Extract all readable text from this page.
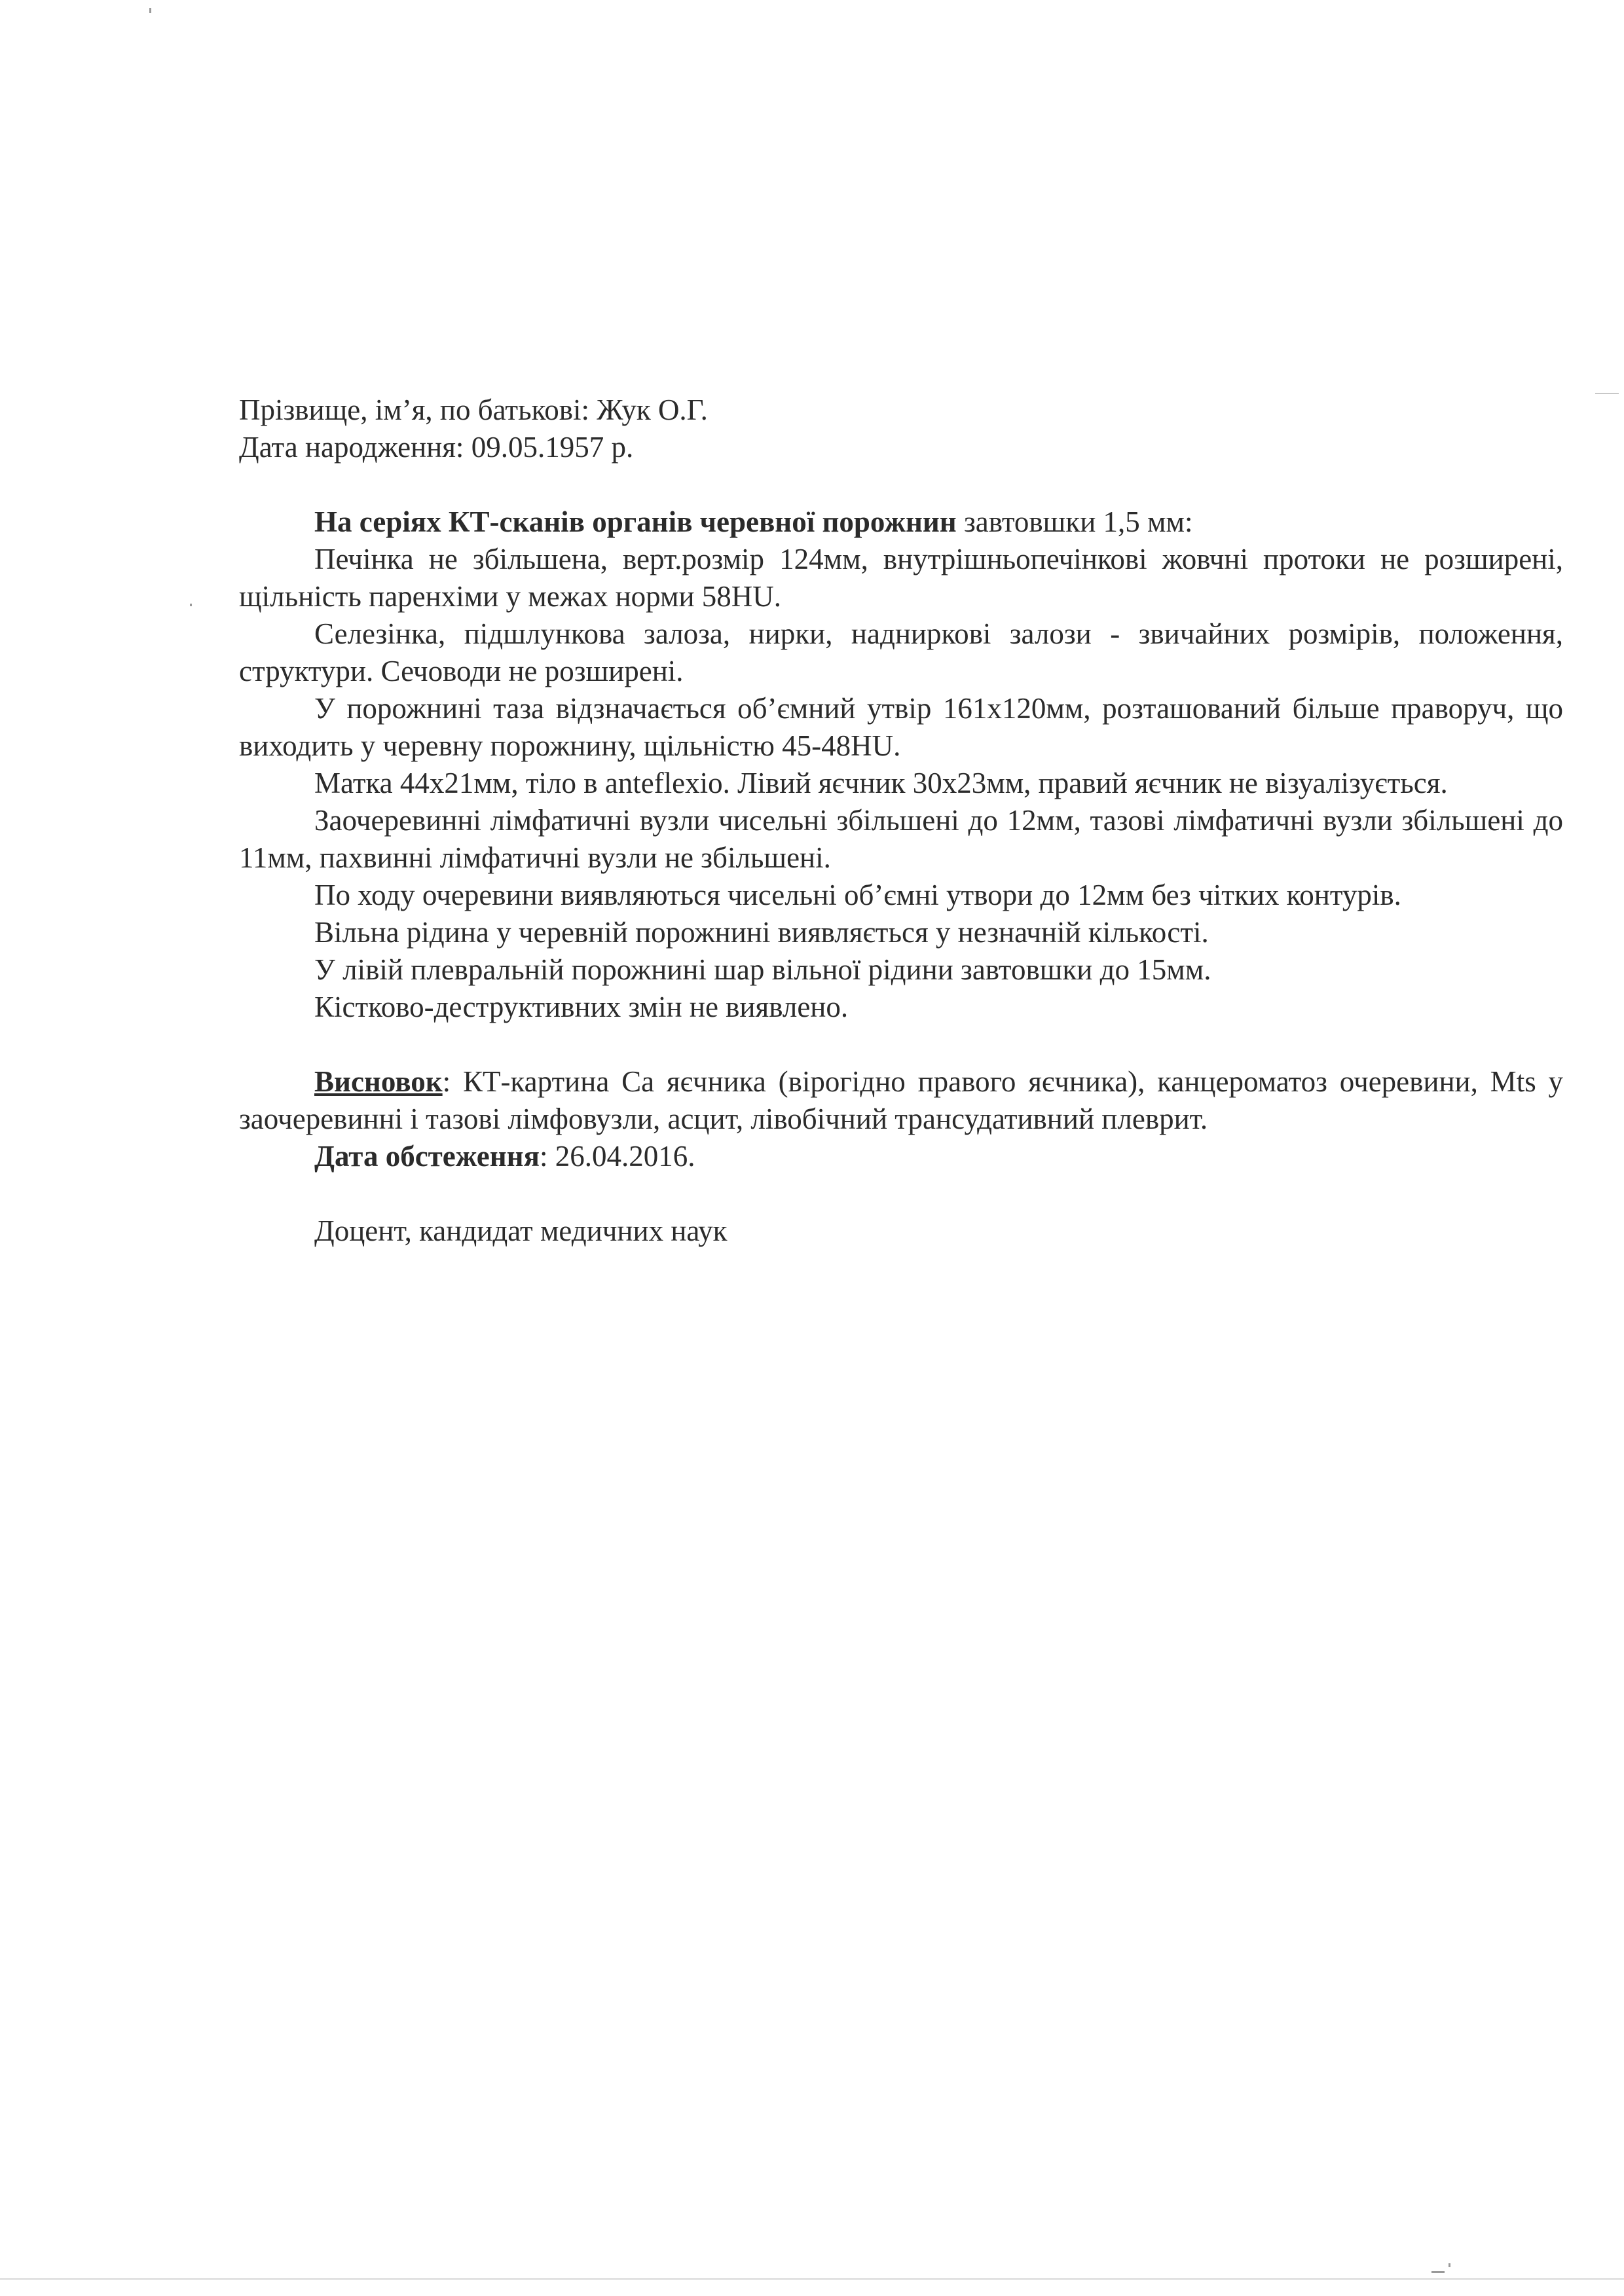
Прізвище, ім’я, по батькові: Жук О.Г.

Дата народження: 09.05.1957 р.

На серіях КТ-сканів органів черевної порожнин завтовшки 1,5 мм:

Печінка не збільшена, верт.розмір 124мм, внутрішньопечінкові жовчні протоки не розширені, щільність паренхіми у межах норми 58HU.

Селезінка, підшлункова залоза, нирки, надниркові залози - звичайних розмірів, положення, структури. Сечоводи не розширені.

У порожнині таза відзначається об’ємний утвір 161х120мм, розташований більше праворуч, що виходить у черевну порожнину, щільністю 45-48HU.

Матка 44х21мм, тіло в anteflexio. Лівий яєчник 30х23мм, правий яєчник не візуалізується.

Заочеревинні лімфатичні вузли чисельні збільшені до 12мм, тазові лімфатичні вузли збільшені до 11мм, пахвинні лімфатичні вузли не збільшені.

По ходу очеревини виявляються чисельні об’ємні утвори до 12мм без чітких контурів.

Вільна рідина у черевній порожнині виявляється у незначній кількості.

У лівій плевральній порожнині шар вільної рідини завтовшки до 15мм.

Кістково-деструктивних змін не виявлено.

Висновок: КТ-картина Са яєчника (вірогідно правого яєчника), канцероматоз очеревини, Mts у заочеревинні і тазові лімфовузли, асцит, лівобічний трансудативний плеврит.

Дата обстеження: 26.04.2016.

Доцент, кандидат медичних наук
